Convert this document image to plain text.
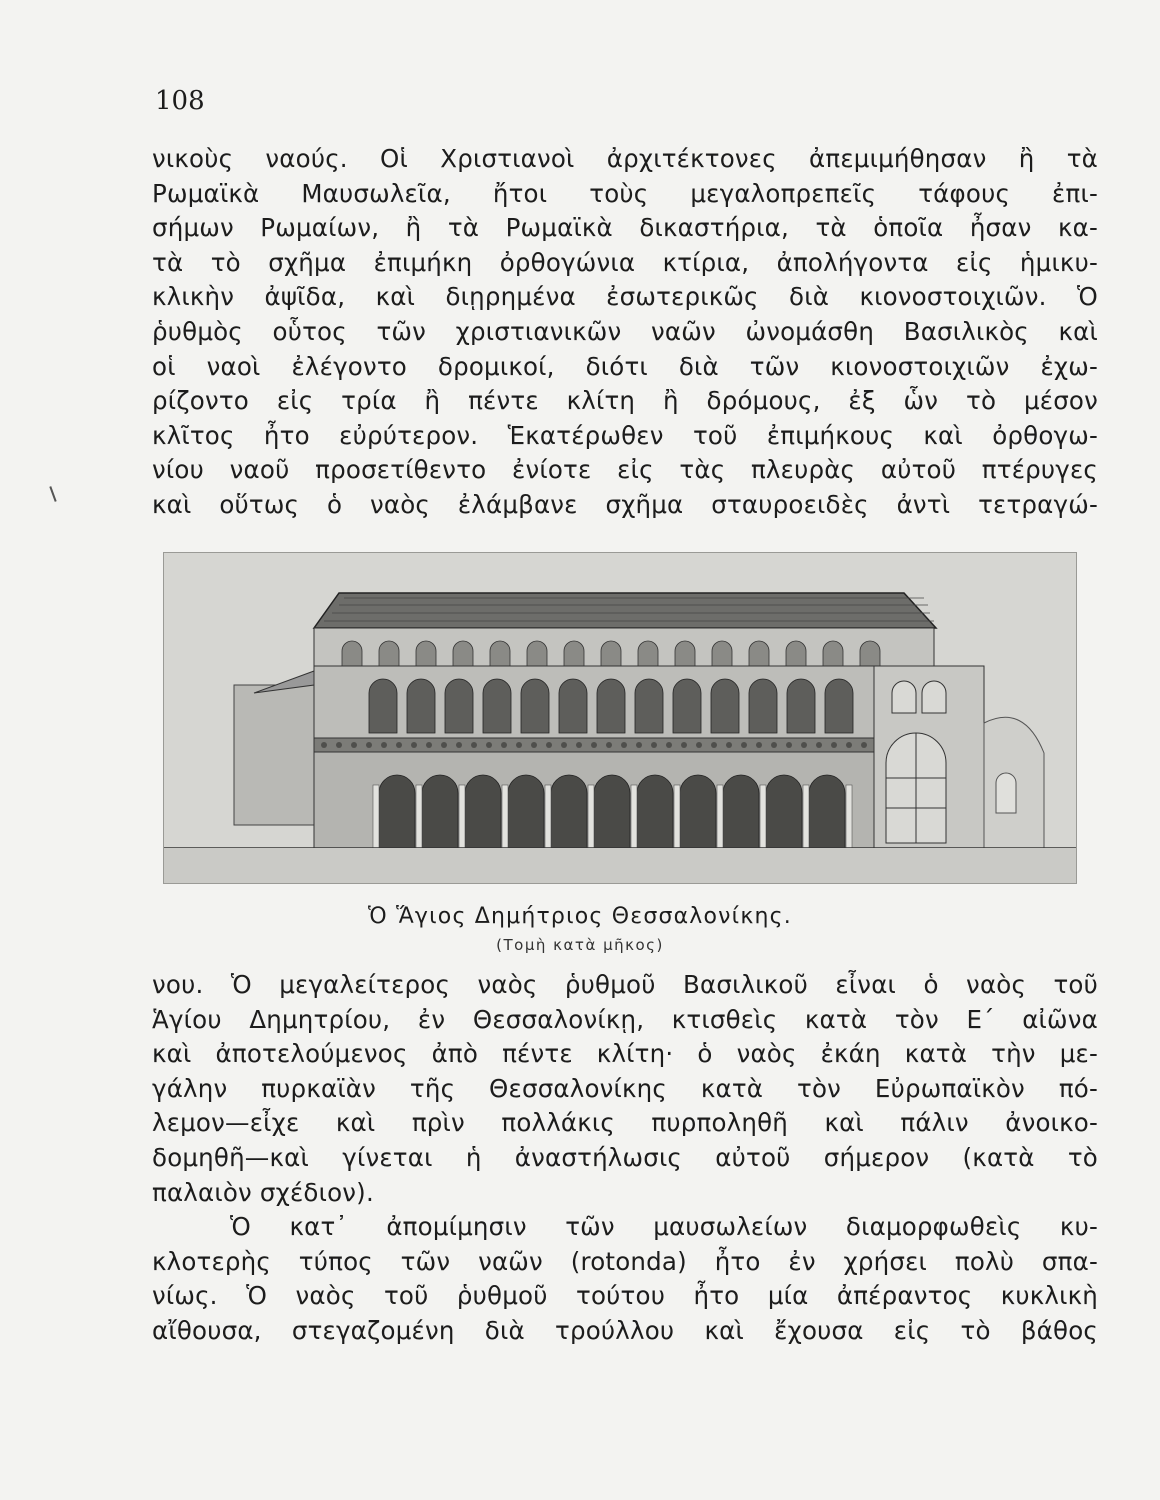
108
νικοὺς ναούς. Οἱ Χριστιανοὶ ἀρχιτέκτονες ἀπεμιμήθησαν ἢ τὰ
Ρωμαϊκὰ Μαυσωλεῖα, ἤτοι τοὺς μεγαλοπρεπεῖς τάφους ἐπι-
σήμων Ρωμαίων, ἢ τὰ Ρωμαϊκὰ δικαστήρια, τὰ ὁποῖα ἦσαν κα-
τὰ τὸ σχῆμα ἐπιμήκη ὀρθογώνια κτίρια, ἀπολήγοντα εἰς ἡμικυ-
κλικὴν ἀψῖδα, καὶ διῃρημένα ἐσωτερικῶς διὰ κιονοστοιχιῶν. Ὁ
ῥυθμὸς οὗτος τῶν χριστιανικῶν ναῶν ὠνομάσθη Βασιλικὸς καὶ
οἱ ναοὶ ἐλέγοντο δρομικοί, διότι διὰ τῶν κιονοστοιχιῶν ἐχω-
ρίζοντο εἰς τρία ἢ πέντε κλίτη ἢ δρόμους, ἐξ ὧν τὸ μέσον
κλῖτος ἦτο εὐρύτερον. Ἑκατέρωθεν τοῦ ἐπιμήκους καὶ ὀρθογω-
νίου ναοῦ προσετίθεντο ἐνίοτε εἰς τὰς πλευρὰς αὐτοῦ πτέρυγες
καὶ οὕτως ὁ ναὸς ἐλάμβανε σχῆμα σταυροειδὲς ἀντὶ τετραγώ-
Ὁ Ἅγιος Δημήτριος Θεσσαλονίκης.
(Τομὴ κατὰ μῆκος)
νου. Ὁ μεγαλείτερος ναὸς ῥυθμοῦ Βασιλικοῦ εἶναι ὁ ναὸς τοῦ
Ἁγίου Δημητρίου, ἐν Θεσσαλονίκῃ, κτισθεὶς κατὰ τὸν Ε΄ αἰῶνα
καὶ ἀποτελούμενος ἀπὸ πέντε κλίτη· ὁ ναὸς ἐκάη κατὰ τὴν με-
γάλην πυρκαϊὰν τῆς Θεσσαλονίκης κατὰ τὸν Εὐρωπαϊκὸν πό-
λεμον—εἶχε καὶ πρὶν πολλάκις πυρποληθῆ καὶ πάλιν ἀνοικο-
δομηθῆ—καὶ γίνεται ἡ ἀναστήλωσις αὐτοῦ σήμερον (κατὰ τὸ
παλαιὸν σχέδιον).
Ὁ κατ᾽ ἀπομίμησιν τῶν μαυσωλείων διαμορφωθεὶς κυ-
κλοτερὴς τύπος τῶν ναῶν (rotonda) ἦτο ἐν χρήσει πολὺ σπα-
νίως. Ὁ ναὸς τοῦ ῥυθμοῦ τούτου ἦτο μία ἀπέραντος κυκλικὴ
αἴθουσα, στεγαζομένη διὰ τρούλλου καὶ ἔχουσα εἰς τὸ βάθος
